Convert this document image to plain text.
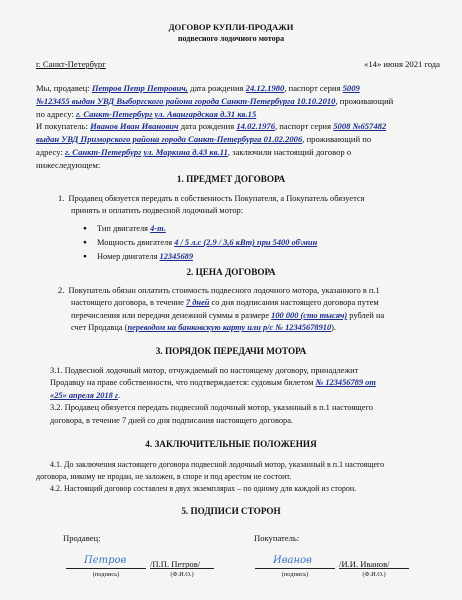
ДОГОВОР КУПЛИ-ПРОДАЖИ
подвесного лодочного мотора
г. Санкт-Петербург	«14» июня 2021 года
Мы, продавец: Петров Петр Петрович, дата рождения 24.12.1980, паспорт серия 5009
№123455 выдан УВД Выборгского района города Санкт-Петербурга 10.10.2010, проживающий
по адресу: г. Санкт-Петербург ул. Авангардская д.31 кв.15
И покупатель: Иванов Иван Иванович дата рождения 14.02.1976, паспорт серия 5008 №657482
выдан УВД Приморского района города Санкт-Петербурга 01.02.2006, проживающий по
адресу: г. Санкт-Петербург ул. Маркина д.43 кв.11, заключили настоящий договор о
нижеследующем:
1. ПРЕДМЕТ ДОГОВОРА
1.  Продавец обязуется передать в собственность Покупателя, а Покупатель обязуется
принять и оплатить подвесной лодочный мотор:
● Тип двигателя 4-т.
● Мощность двигателя 4 / 5 л.с (2.9 / 3,6 кВт) при 5400 об\мин
● Номер двигателя 12345689
2. ЦЕНА ДОГОВОРА
2.  Покупатель обязан оплатить стоимость подвесного лодочного мотора, указанного в п.1
настоящего договора, в течение 7 дней со дня подписания настоящего договора путем
перечисления или передачи денежной суммы в размере 100 000 (сто тысяч) рублей на
счет Продавца (переводом на банковскую карту или р/с № 12345678910).
3. ПОРЯДОК ПЕРЕДАЧИ МОТОРА
3.1. Подвесной лодочный мотор, отчуждаемый по настоящему договору, принадлежит
Продавцу на праве собственности, что подтверждается: судовым билетом № 123456789 от
«25» апреля 2018 г.
3.2. Продавец обязуется передать подвесной лодочный мотор, указанный в п.1 настоящего
договора, в течение 7 дней со дня подписания настоящего договора.
4. ЗАКЛЮЧИТЕЛЬНЫЕ ПОЛОЖЕНИЯ
4.1. До заключения настоящего договора подвесной лодочный мотор, указанный в п.1 настоящего
договора, никому не продан, не заложен, в споре и под арестом не состоит.
4.2. Настоящий договор составлен в двух экземплярах – по одному для каждой из сторон.
5. ПОДПИСИ СТОРОН
Продавец:	Покупатель:
Петров	/П.П. Петров/
(подпись)	(Ф.И.О.)
Иванов	/И.И. Иванов/
(подпись)	(Ф.И.О.)
